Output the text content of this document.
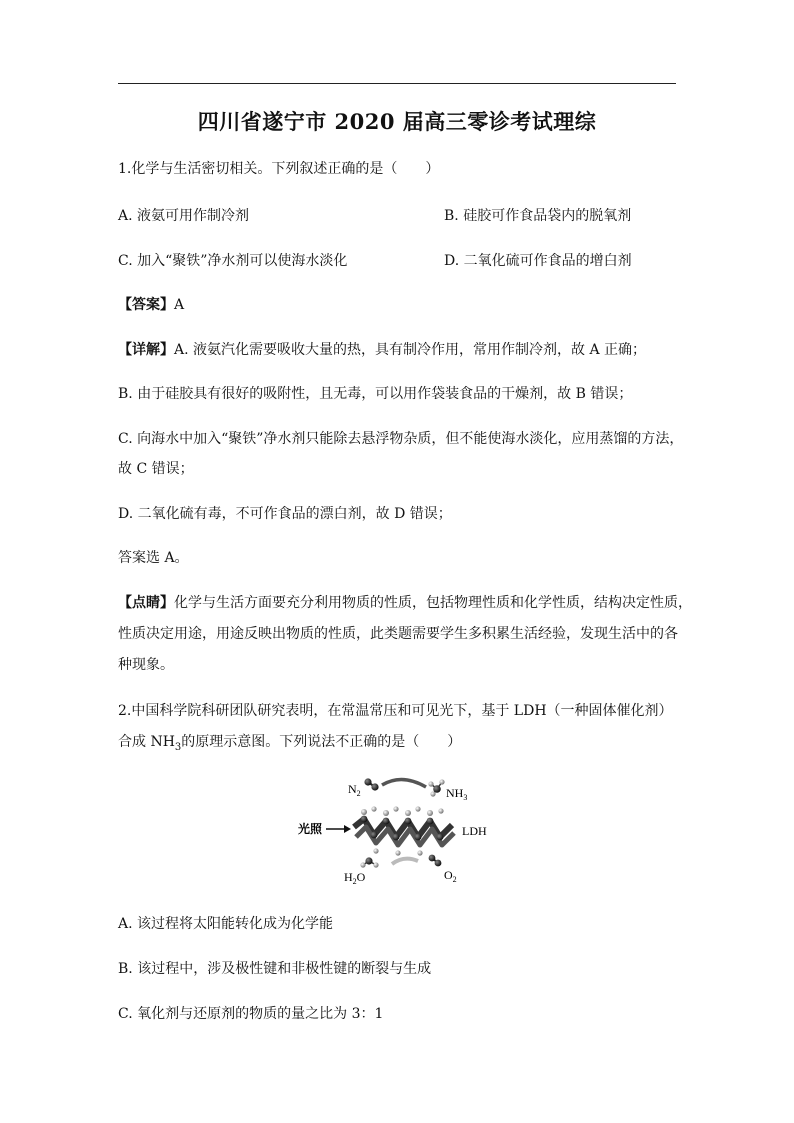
四川省遂宁市 2020 届高三零诊考试理综
1.化学与生活密切相关。下列叙述正确的是（　　）
A. 液氨可用作制冷剂	B. 硅胶可作食品袋内的脱氧剂
C. 加入“聚铁”净水剂可以使海水淡化	D. 二氧化硫可作食品的增白剂
【答案】A
【详解】A. 液氨汽化需要吸收大量的热，具有制冷作用，常用作制冷剂，故 A 正确；
B. 由于硅胶具有很好的吸附性，且无毒，可以用作袋装食品的干燥剂，故 B 错误；
C. 向海水中加入“聚铁”净水剂只能除去悬浮物杂质，但不能使海水淡化，应用蒸馏的方法，
故 C 错误；
D. 二氧化硫有毒，不可作食品的漂白剂，故 D 错误；
答案选 A。
【点睛】化学与生活方面要充分利用物质的性质，包括物理性质和化学性质，结构决定性质，
性质决定用途，用途反映出物质的性质，此类题需要学生多积累生活经验，发现生活中的各
种现象。
2.中国科学院科研团队研究表明，在常温常压和可见光下，基于 LDH（一种固体催化剂）
合成 $NH_3$的原理示意图。下列说法不正确的是（　　）
$N_2$	$NH_3$
光照	LDH
$H_2O$	$O_2$
A. 该过程将太阳能转化成为化学能
B. 该过程中，涉及极性键和非极性键的断裂与生成
C. 氧化剂与还原剂的物质的量之比为 3：1
